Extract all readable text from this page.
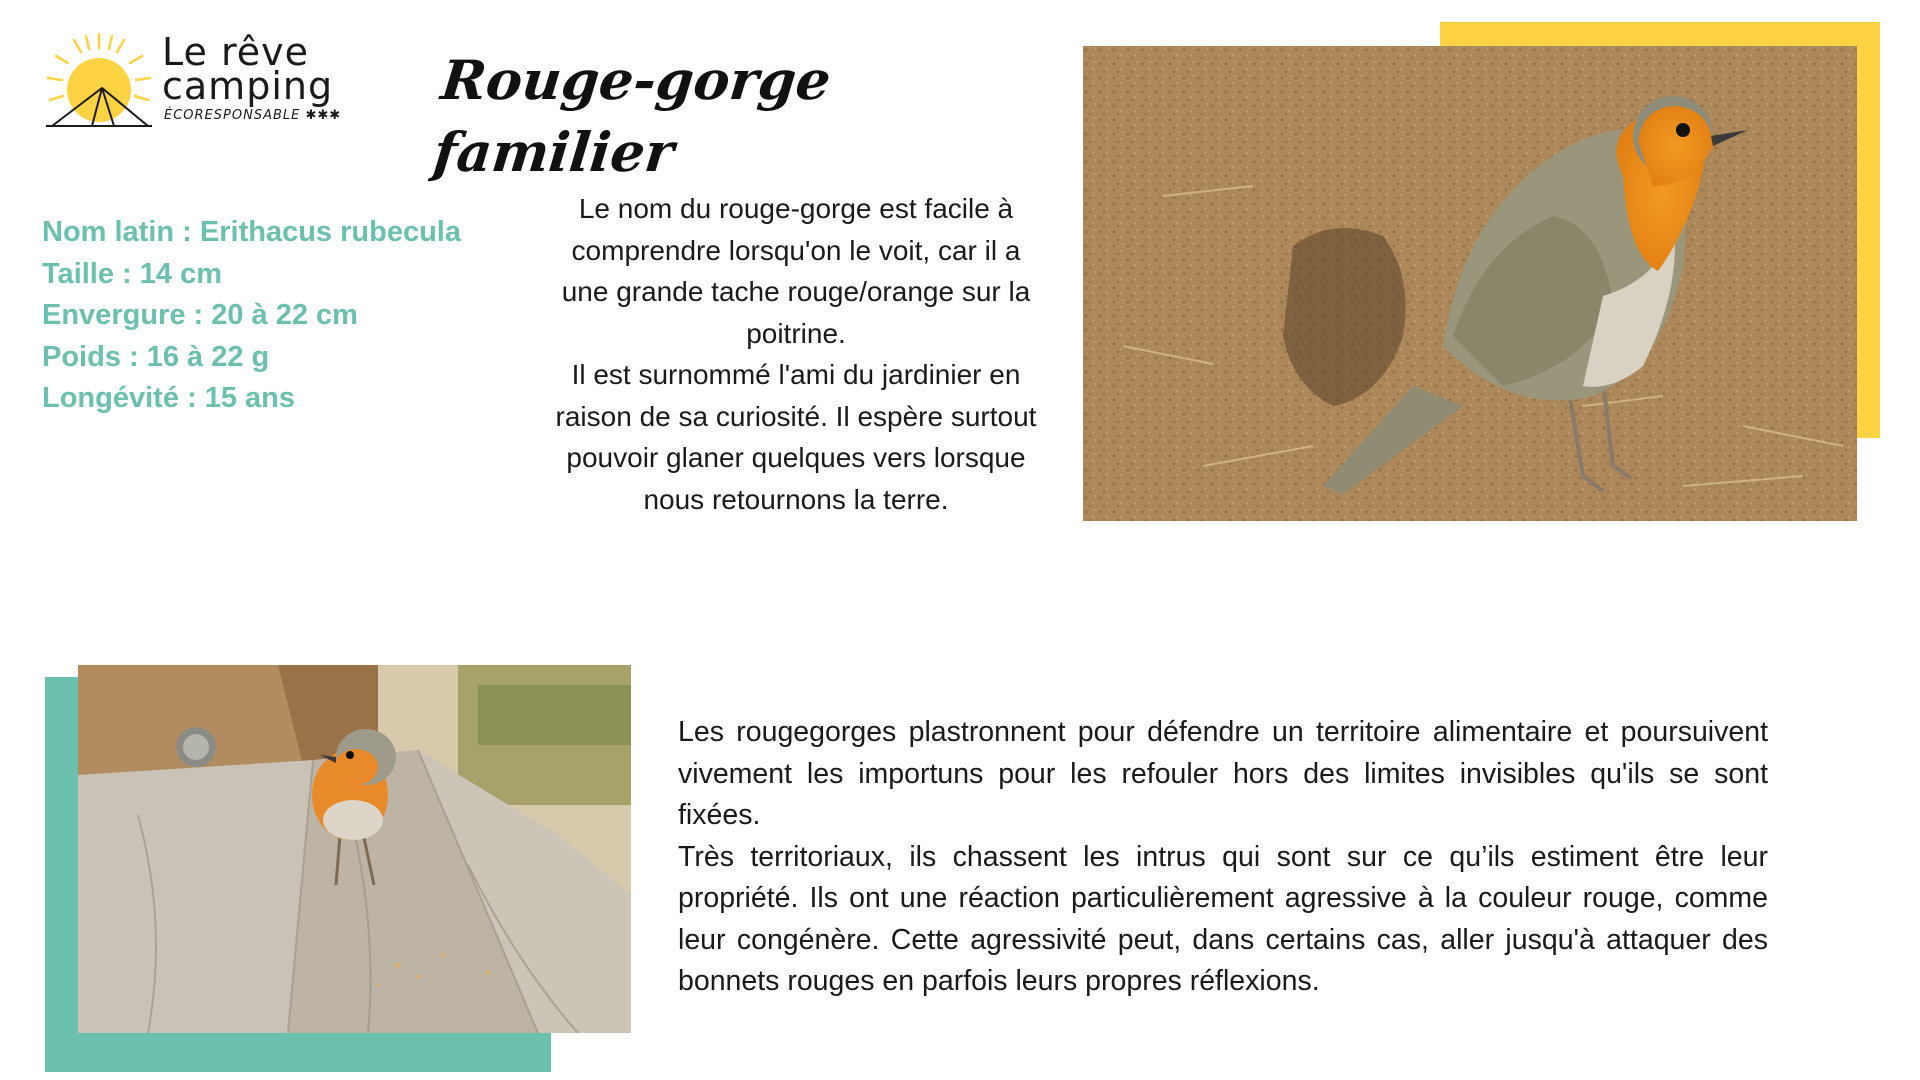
Le rêve
camping
ÉCORESPONSABLE ✱✱✱
Rouge-gorge familier
Nom latin : Erithacus rubecula
Taille : 14 cm
Envergure : 20 à 22 cm
Poids : 16 à 22 g
Longévité : 15 ans

Le nom du rouge-gorge est facile à comprendre lorsqu'on le voit, car il a une grande tache rouge/orange sur la poitrine.

Il est surnommé l'ami du jardinier en raison de sa curiosité. Il espère surtout pouvoir glaner quelques vers lorsque nous retournons la terre.

Les rougegorges plastronnent pour défendre un territoire alimentaire et poursuivent vivement les importuns pour les refouler hors des limites invisibles qu'ils se sont fixées.

Très territoriaux, ils chassent les intrus qui sont sur ce qu’ils estiment être leur propriété. Ils ont une réaction particulièrement agressive à la couleur rouge, comme leur congénère. Cette agressivité peut, dans certains cas, aller jusqu'à attaquer des bonnets rouges en parfois leurs propres réflexions.
